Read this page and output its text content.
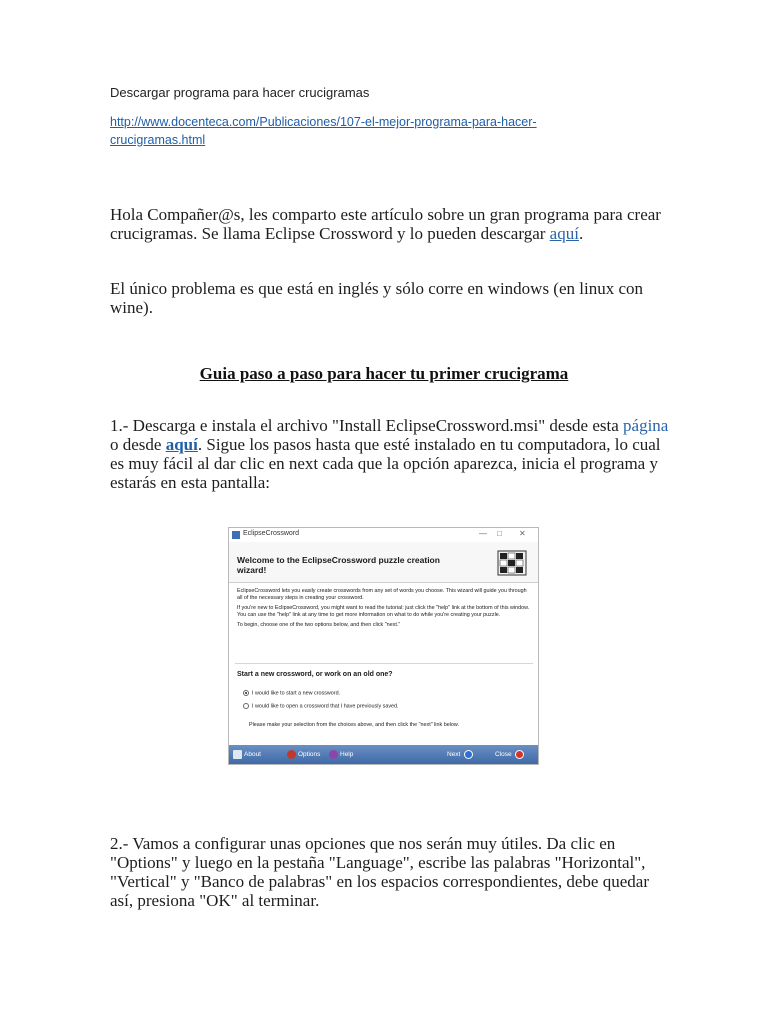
Descargar programa para hacer crucigramas
http://www.docenteca.com/Publicaciones/107-el-mejor-programa-para-hacer-
crucigramas.html
Hola Compañer@s, les comparto este artículo sobre un gran programa para crear crucigramas. Se llama Eclipse Crossword y lo pueden descargar aquí.
El único problema es que está en inglés y sólo corre en windows (en linux con wine).
Guia paso a paso para hacer tu primer crucigrama
1.- Descarga e instala el archivo "Install EclipseCrossword.msi" desde esta página o desde aquí. Sigue los pasos hasta que esté instalado en tu computadora, lo cual es muy fácil al dar clic en next cada que la opción aparezca, inicia el programa y estarás en esta pantalla:
EclipseCrossword	— □ ✕
Welcome to the EclipseCrossword puzzle creation wizard!

EclipseCrossword lets you easily create crosswords from any set of words you choose. This wizard will guide you through all of the necessary steps in creating your crossword.

If you're new to EclipseCrossword, you might want to read the tutorial: just click the "help" link at the bottom of this window. You can use the "help" link at any time to get more information on what to do while you're creating your puzzle.

To begin, choose one of the two options below, and then click "next."

Start a new crossword, or work on an old one?
I would like to start a new crossword.
I would like to open a crossword that I have previously saved.
Please make your selection from the choices above, and then click the "next" link below.
About	Options	Help	Next	Close
2.- Vamos a configurar unas opciones que nos serán muy útiles. Da clic en "Options" y luego en la pestaña "Language", escribe las palabras "Horizontal", "Vertical" y "Banco de palabras" en los espacios correspondientes, debe quedar así, presiona "OK" al terminar.
